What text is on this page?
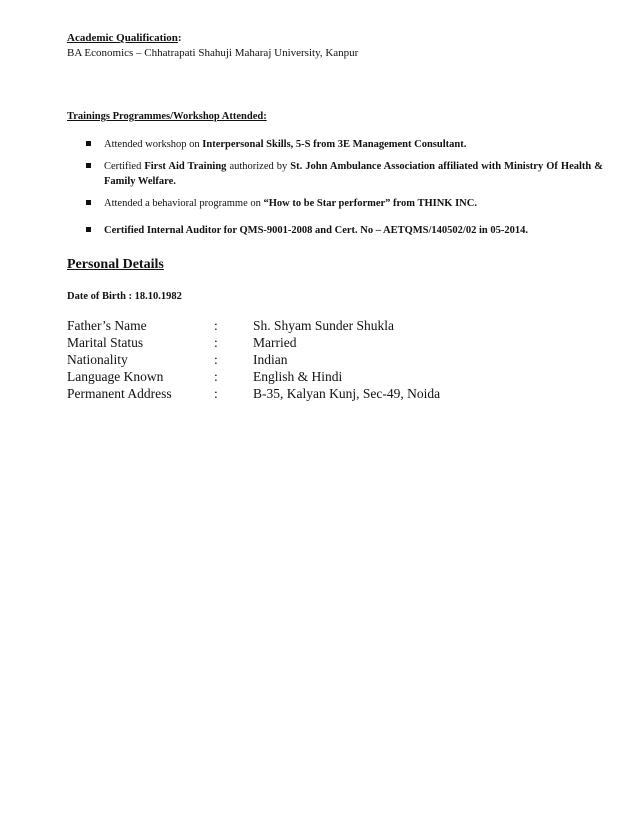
Academic Qualification:
BA Economics – Chhatrapati Shahuji Maharaj University, Kanpur
Trainings Programmes/Workshop Attended:
Attended workshop on Interpersonal Skills, 5-S from 3E Management Consultant.
Certified First Aid Training authorized by St. John Ambulance Association affiliated with Ministry Of Health & Family Welfare.
Attended a behavioral programme on “How to be Star performer” from THINK INC.
Certified Internal Auditor for QMS-9001-2008 and Cert. No – AETQMS/140502/02 in 05-2014.
Personal Details
Date of Birth : 18.10.1982
Father’s Name	:	Sh. Shyam Sunder Shukla
Marital Status	:	Married
Nationality	:	Indian
Language Known	:	English & Hindi
Permanent Address	:	B-35, Kalyan Kunj, Sec-49, Noida
